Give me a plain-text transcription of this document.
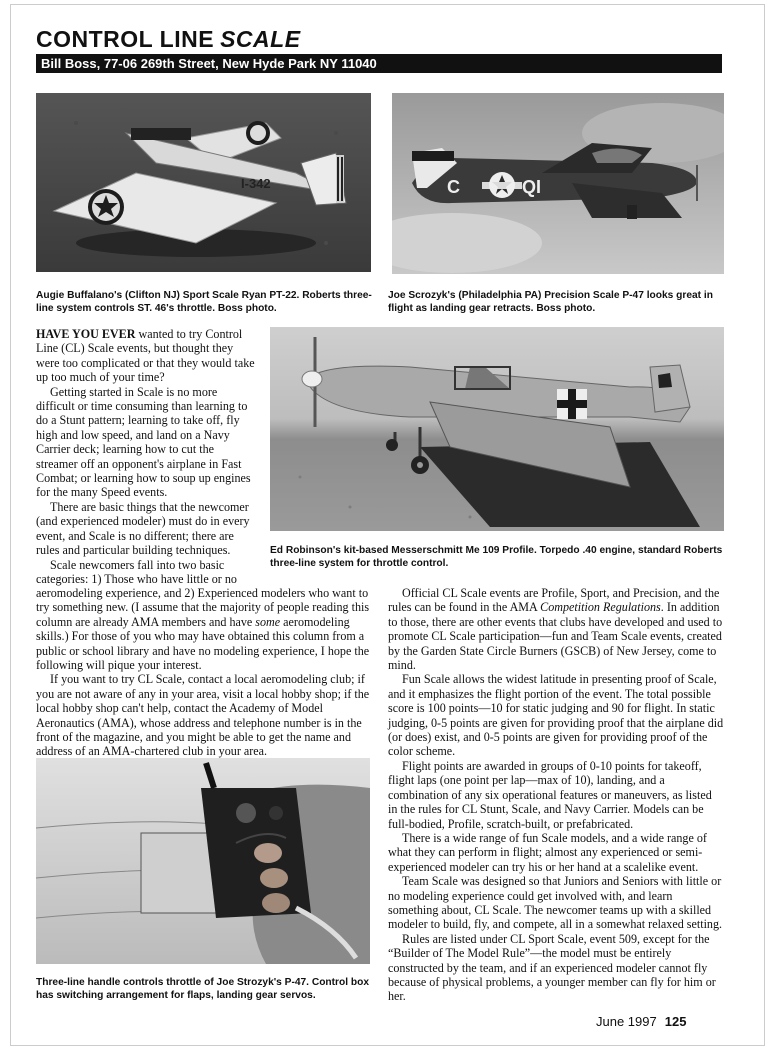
CONTROL LINE SCALE
Bill Boss, 77-06 269th Street, New Hyde Park NY 11040
I-342
Augie Buffalano's (Clifton NJ) Sport Scale Ryan PT-22. Roberts three-line system controls ST. 46's throttle. Boss photo.
C	QI
Joe Scrozyk's (Philadelphia PA) Precision Scale P-47 looks great in flight as landing gear retracts. Boss photo.

HAVE YOU EVER wanted to try Control Line (CL) Scale events, but thought they were too complicated or that they would take up too much of your time?

Getting started in Scale is no more difficult or time consuming than learning to do a Stunt pattern; learning to take off, fly high and low speed, and land on a Navy Carrier deck; learning how to cut the streamer off an opponent's airplane in Fast Combat; or learning how to soup up engines for the many Speed events.

There are basic things that the newcomer (and experienced modeler) must do in every event, and Scale is no different; there are rules and particular building techniques.

Scale newcomers fall into two basic categories: 1) Those who have little or no

Ed Robinson's kit-based Messerschmitt Me 109 Profile. Torpedo .40 engine, standard Roberts three-line system for throttle control.

aeromodeling experience, and 2) Experienced modelers who want to try something new. (I assume that the majority of people reading this column are already AMA members and have some aeromodeling skills.) For those of you who may have obtained this column from a public or school library and have no modeling experience, I hope the following will pique your interest.

If you want to try CL Scale, contact a local aeromodeling club; if you are not aware of any in your area, visit a local hobby shop; if the local hobby shop can't help, contact the Academy of Model Aeronautics (AMA), whose address and telephone number is in the front of the magazine, and you might be able to get the name and address of an AMA-chartered club in your area.

Three-line handle controls throttle of Joe Strozyk's P-47. Control box has switching arrangement for flaps, landing gear servos.

Official CL Scale events are Profile, Sport, and Precision, and the rules can be found in the AMA Competition Regulations. In addition to those, there are other events that clubs have developed and used to promote CL Scale participation—fun and Team Scale events, created by the Garden State Circle Burners (GSCB) of New Jersey, come to mind.

Fun Scale allows the widest latitude in presenting proof of Scale, and it emphasizes the flight portion of the event. The total possible score is 100 points—10 for static judging and 90 for flight. In static judging, 0-5 points are given for providing proof that the airplane did (or does) exist, and 0-5 points are given for providing proof of the color scheme.

Flight points are awarded in groups of 0-10 points for takeoff, flight laps (one point per lap—max of 10), landing, and a combination of any six operational features or maneuvers, as listed in the rules for CL Stunt, Scale, and Navy Carrier. Models can be full-bodied, Profile, scratch-built, or prefabricated.

There is a wide range of fun Scale models, and a wide range of what they can perform in flight; almost any experienced or semi-experienced modeler can try his or her hand at a scalelike event.

Team Scale was designed so that Juniors and Seniors with little or no modeling experience could get involved with, and learn something about, CL Scale. The newcomer teams up with a skilled modeler to build, fly, and compete, all in a somewhat relaxed setting.

Rules are listed under CL Sport Scale, event 509, except for the “Builder of The Model Rule”—the model must be entirely constructed by the team, and if an experienced modeler cannot fly because of physical problems, a younger member can fly for him or her.

June 1997 125
